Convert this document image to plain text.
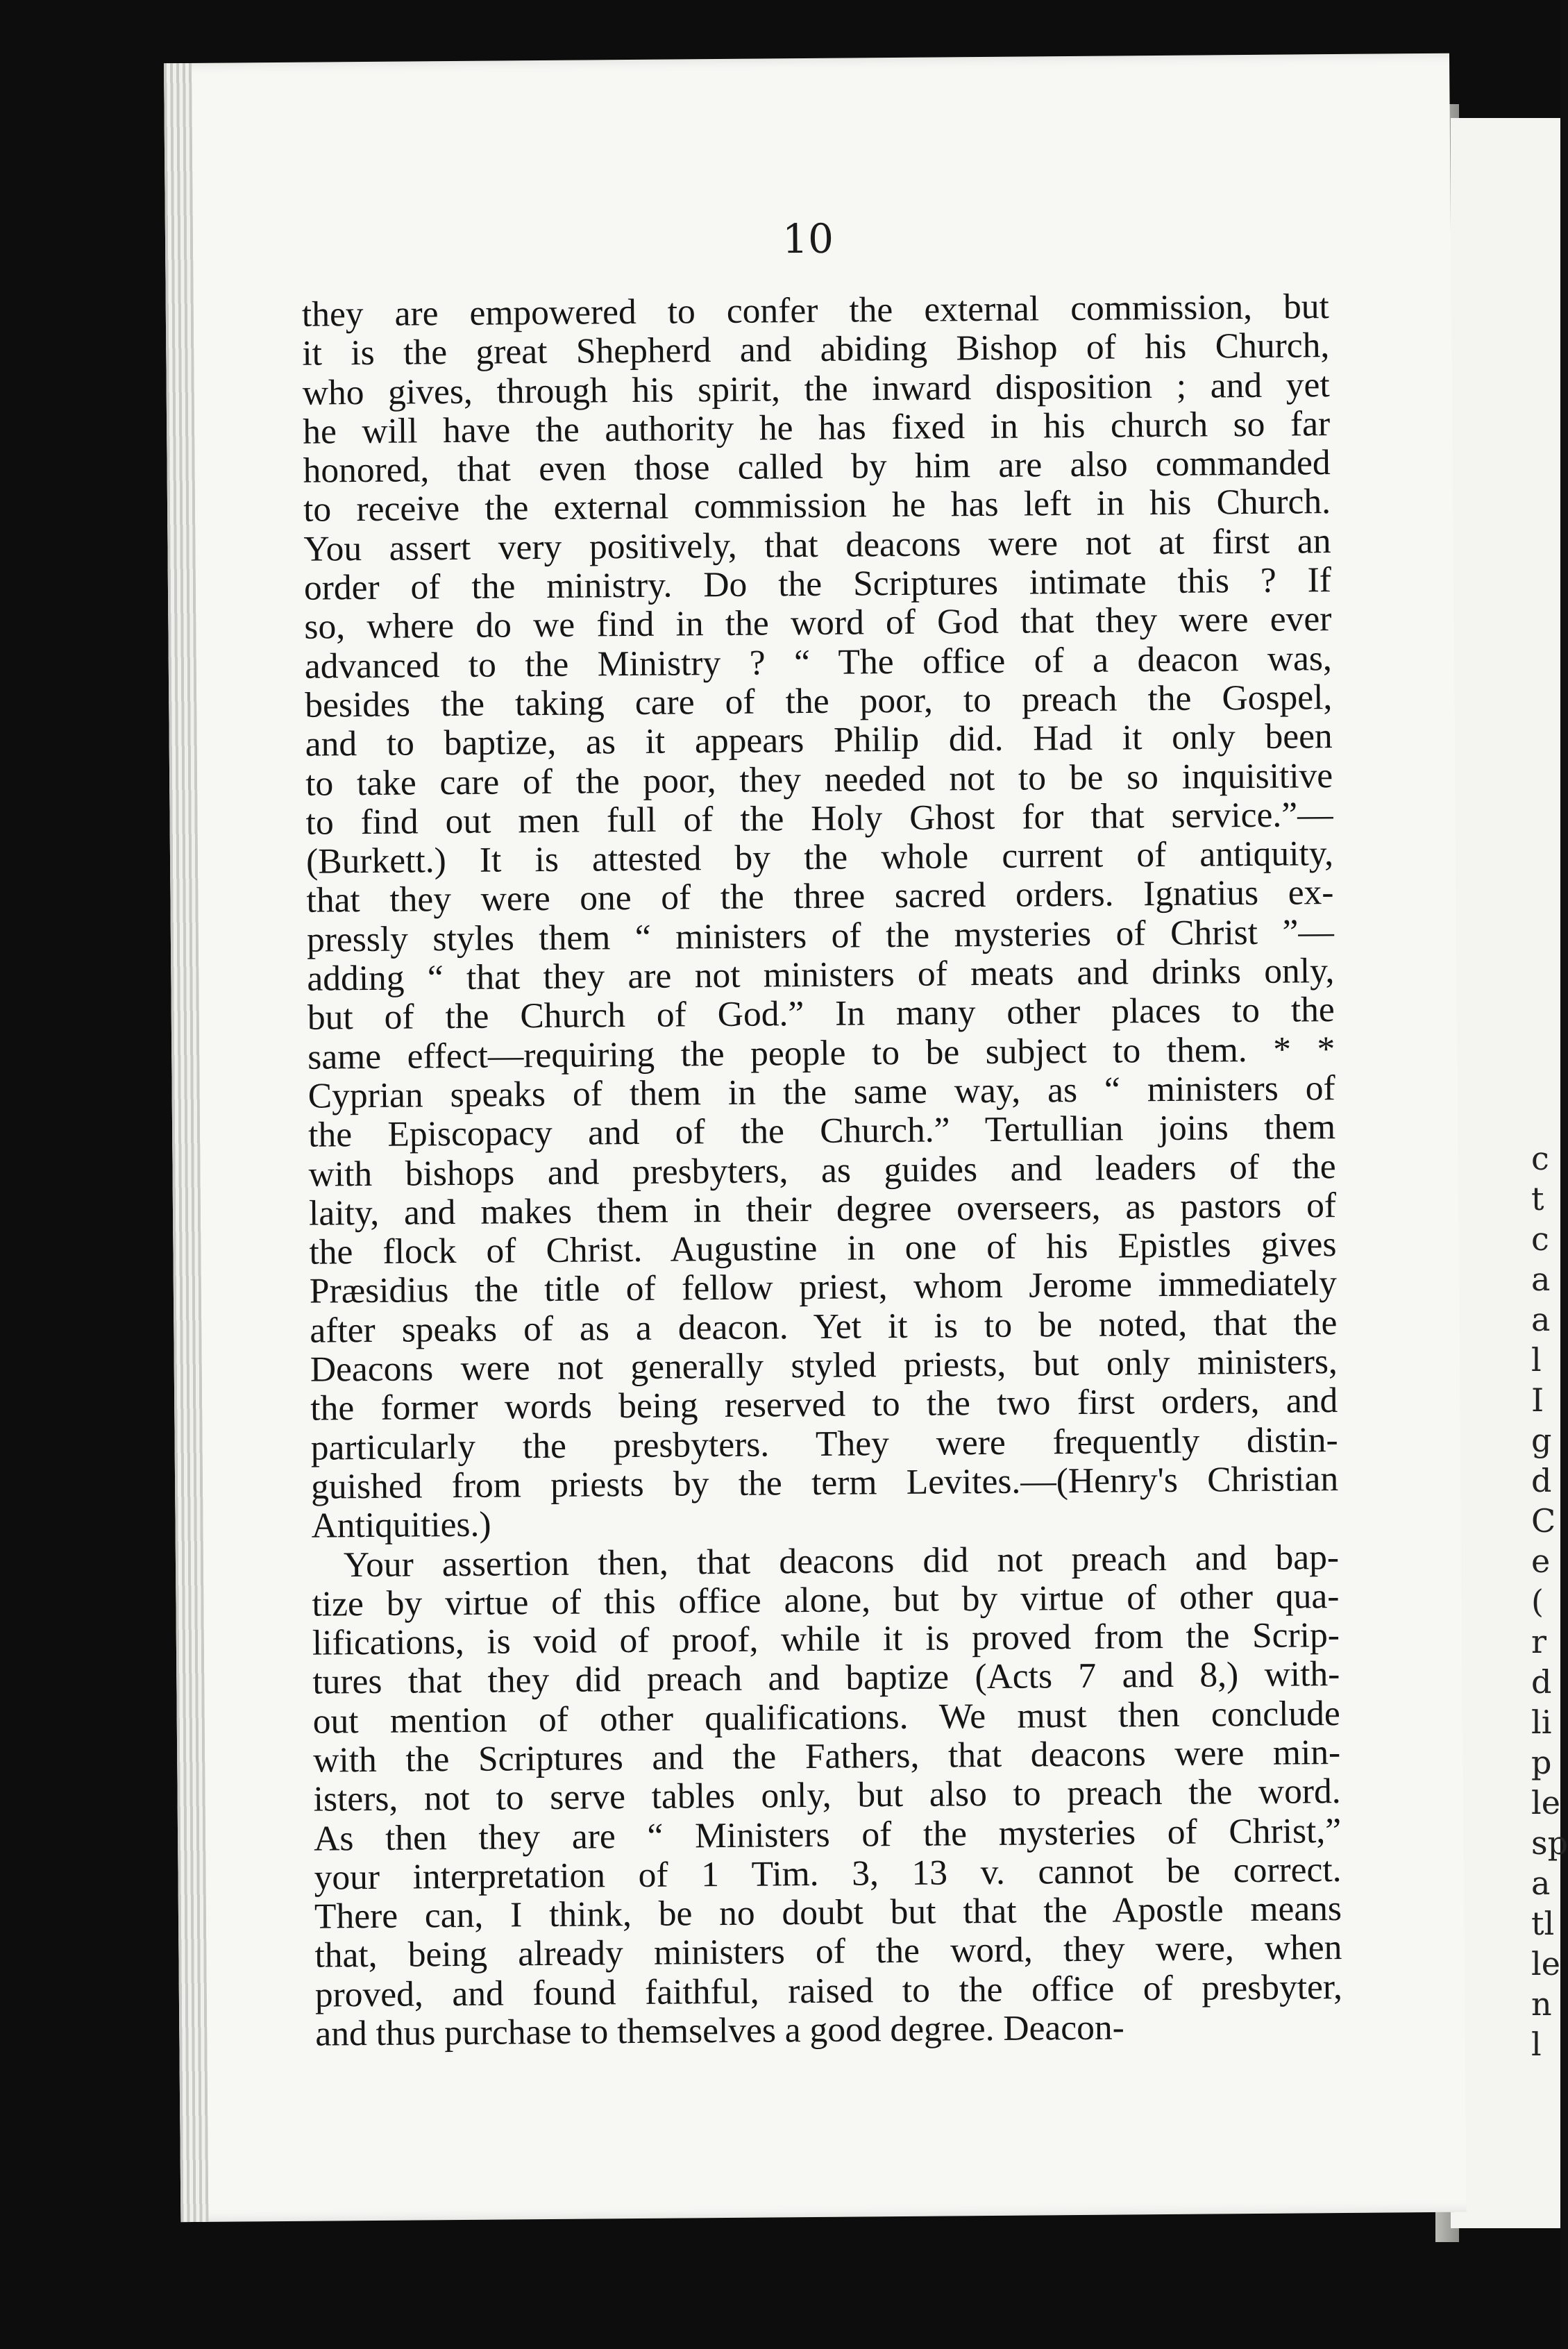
c
t
c
a
a
l
I
g
d
C
e
(
r
d
li
p
le
sp
a
tl
le
n
l
10
they are empowered to confer the external commission, but
it is the great Shepherd and abiding Bishop of his Church,
who gives, through his spirit, the inward disposition ; and yet
he will have the authority he has fixed in his church so far
honored, that even those called by him are also commanded
to receive the external commission he has left in his Church.
You assert very positively, that deacons were not at first an
order of the ministry. Do the Scriptures intimate this ? If
so, where do we find in the word of God that they were ever
advanced to the Ministry ? “ The office of a deacon was,
besides the taking care of the poor, to preach the Gospel,
and to baptize, as it appears Philip did. Had it only been
to take care of the poor, they needed not to be so inquisitive
to find out men full of the Holy Ghost for that service.”—
(Burkett.) It is attested by the whole current of antiquity,
that they were one of the three sacred orders. Ignatius ex-
pressly styles them “ ministers of the mysteries of Christ ”—
adding “ that they are not ministers of meats and drinks only,
but of the Church of God.” In many other places to the
same effect—requiring the people to be subject to them. * *
Cyprian speaks of them in the same way, as “ ministers of
the Episcopacy and of the Church.” Tertullian joins them
with bishops and presbyters, as guides and leaders of the
laity, and makes them in their degree overseers, as pastors of
the flock of Christ. Augustine in one of his Epistles gives
Præsidius the title of fellow priest, whom Jerome immediately
after speaks of as a deacon. Yet it is to be noted, that the
Deacons were not generally styled priests, but only ministers,
the former words being reserved to the two first orders, and
particularly the presbyters. They were frequently distin-
guished from priests by the term Levites.—(Henry's Christian
Antiquities.)
Your assertion then, that deacons did not preach and bap-
tize by virtue of this office alone, but by virtue of other qua-
lifications, is void of proof, while it is proved from the Scrip-
tures that they did preach and baptize (Acts 7 and 8,) with-
out mention of other qualifications. We must then conclude
with the Scriptures and the Fathers, that deacons were min-
isters, not to serve tables only, but also to preach the word.
As then they are “ Ministers of the mysteries of Christ,”
your interpretation of 1 Tim. 3, 13 v. cannot be correct.
There can, I think, be no doubt but that the Apostle means
that, being already ministers of the word, they were, when
proved, and found faithful, raised to the office of presbyter,
and thus purchase to themselves a good degree. Deacon-
